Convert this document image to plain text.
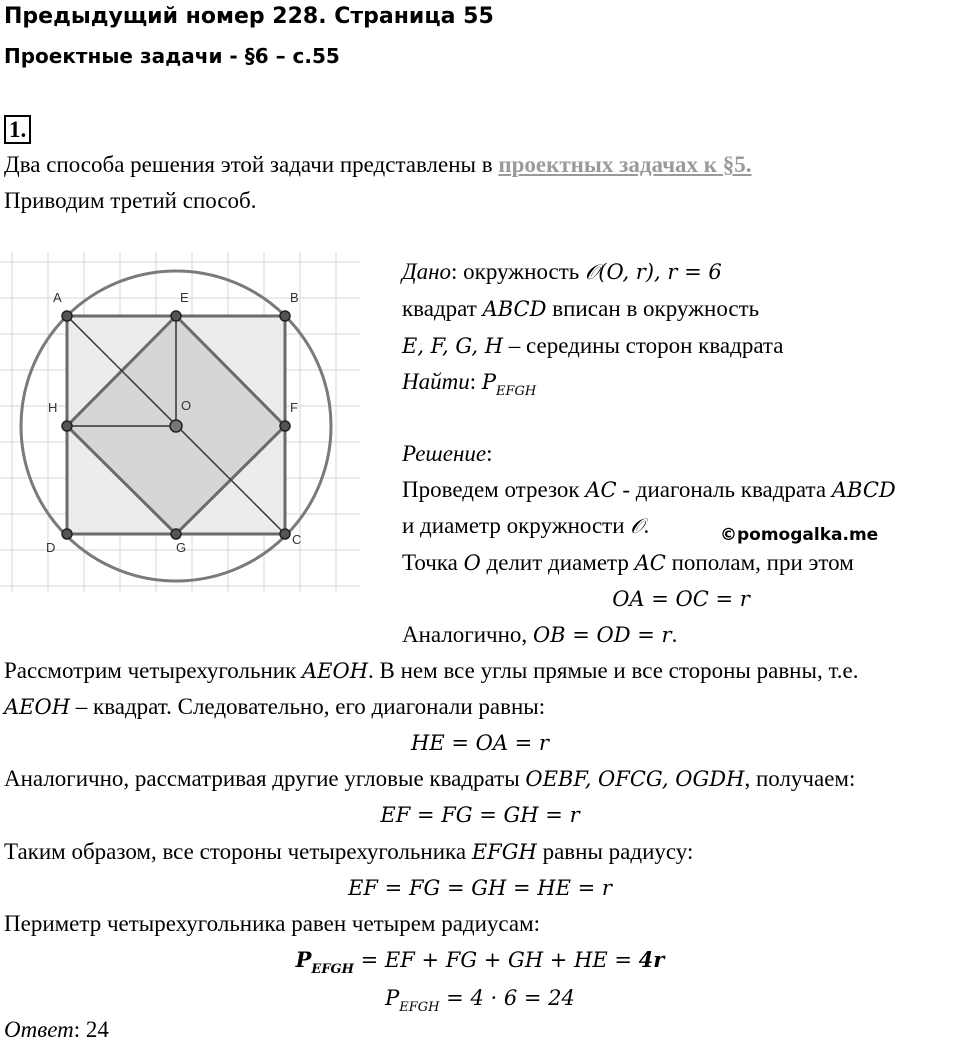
Предыдущий номер 228. Страница 55
Проектные задачи - §6 – с.55
1.
Два способа решения этой задачи представлены в проектных задачах к §5.
Приводим третий способ.
A	E	B
H	O	F
D	G
C
Дано: окружность 𝒪(O, r), r = 6
квадрат ABCD вписан в окружность
E, F, G, H – середины сторон квадрата
Найти: $P_{EFGH}$
Решение:
Проведем отрезок AC - диагональ квадрата ABCD
и диаметр окружности 𝒪.	©pomogalka.me
Точка O делит диаметр AC пополам, при этом
OA = OC = r
Аналогично, OB = OD = r.
Рассмотрим четырехугольник AEOH. В нем все углы прямые и все стороны равны, т.е.
AEOH – квадрат. Следовательно, его диагонали равны:
HE = OA = r
Аналогично, рассматривая другие угловые квадраты OEBF, OFCG, OGDH, получаем:
EF = FG = GH = r
Таким образом, все стороны четырехугольника EFGH равны радиусу:
EF = FG = GH = HE = r
Периметр четырехугольника равен четырем радиусам:
$P_{EFGH}$ = EF + FG + GH + HE = 4r
$P_{EFGH} = 4 \cdot 6 = 24$
Ответ: 24
